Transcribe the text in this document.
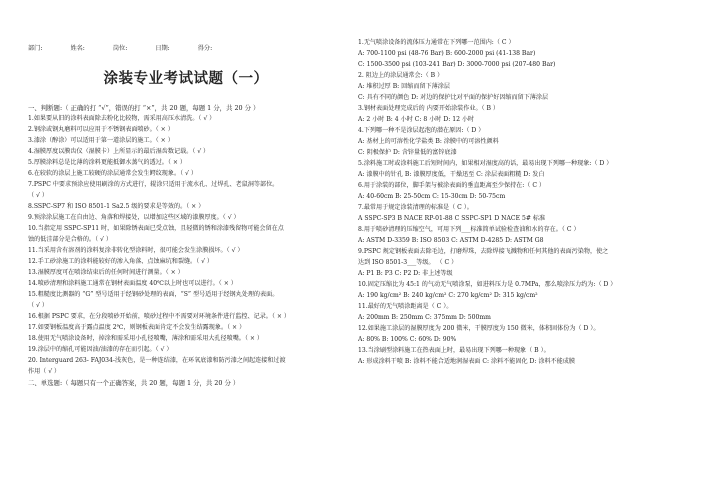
部门:	姓名:	岗位:	日期:	得分:
涂装专业考试试题（一）
一、判断题:（ 正确的打 “√”，错误的打 “×”，共 20 题，每题 1 分，共 20 分 ）
1.如果要从旧的涂料表面除去粉化比较物，需采用高压水清洗。（ √ ）
2.钢涂或钢丸磨料可以应用于不锈钢表面喷砂。（ × ）
3.漆涂（醇涂）可以适用于第一道涂层的施工。（ × ）
4.湿膜厚度以膜齿仪（湿膜卡）上所显示的最后湿齿数记载。（ √ ）
5.厚膜涂料总是比薄的涂料更能抵御水蒸气的透过。（ × ）
6.在较软的涂层上施工较硬的涂层通常会发生鳄纹现象。（ √ ）
7.PSPC 中要求预涂应使用刷涂的方式进行，辊涂只适用于流水孔、过焊孔、老鼠洞等部位。
（ √ ）
8.SSPC-SP7 和 ISO 8501-1 Sa2.5 级的要求是等效的。（ × ）
9.预涂涂层施工在自由边、角落和焊接处，以增加这些区域的漆膜厚度。（ √ ）
10.当指定用 SSPC-SP11 时，如果除锈表面已受点蚀，且轻微的锈和涂漆残留物可能会留在点
蚀的低洼部分是合格的。（ √ ）
11.当采用含有溶剂的涂料复涂非转化型涂料时，很可能会发生涂膜损坏。（ √ ）
12.手工砂涂施工的涂料能较好的渗入角落、点蚀麻坑和裂缝。（ √ ）
13.湿膜厚度可在喷涂结束后的任何时间进行测量。（ × ）
14.喷砂清理和涂料施工通常在钢材表面温度 40℃以上时也可以进行。（ × ）
15.粗糙度比测器的 “G” 型号适用于经钢砂处理的表面，“S” 型号适用于经钢丸处理的表面。
（ √ ）
16.根据 PSPC 要求，在分段喷砂开始前，喷砂过程中不需要对环境条件进行监控、记录。（ × ）
17.如要钢板温度高于露点温度 2℃，则钢板表面肯定不会发生结露现象。（ × ）
18.使用无气喷涂设备时，掉涂和需采用小孔径喷嘴，薄涂和需采用大孔径喷嘴。（ × ）
19.涂层中的缩孔可能因油/油漆的存在而引起。（ √ ）
20. Interguard 263- FAJ034-浅灰色，是一种连结漆，在环氧底漆和防污漆之间起连接和过渡
作用（ √ ）
二、单选题:（ 每题只有一个正确答案，共 20 题，每题 1 分，共 20 分 ）
1.无气喷涂设备的流体压力通常在下列哪一范围内:（ C ）
A: 700-1100 psi (48-76 Bar) B: 600-2000 psi (41-138 Bar)
C: 1500-3500 psi (103-241 Bar) D: 3000-7000 psi (207-480 Bar)
2. 阻边上的涂层通常会:（ B ）
A: 堆积过厚 B: 回缩而留下薄涂层
C: 具有不同的颜色 D: 对边的保护比对平面的保护好因缩而留下薄涂层
3.钢材表面处理完成后的 内要开始涂装作业。（ B ）
A: 2 小时 B: 4 小时 C: 8 小时 D: 12 小时
4.下列哪一种不是涂层起泡的潜在原因:（ D ）
A: 基材上的可溶性化学盐类 B: 涂膜中的可溶性颜料
C: 阴极保护 D: 含锌量低的富锌底漆
5.涂料施工时或涂料施工后短时间内，如果相对湿度高的话，最易出现下列哪一种现象:（ D ）
A: 漆膜中的针孔 B: 漆膜厚度低，干燥迅至 C: 涂层表面粗糙 D: 发白
6.用于涂装的部位，脚手架与被涂表面的垂直距离至少保持在:（ C ）
A: 40-60cm B: 25-50cm C: 15-30cm D: 50-75cm
7.最常用于规定涂装清理的标准是（ C ）。
A SSPC-SP3 B NACE RP-01-88 C SSPC-SP1 D NACE 5# 标准
8.用于喷砂清理的压缩空气，可用下列___标准简单试验检查油和水的存在。（ C ）
A: ASTM D-3359 B: ISO 8503 C: ASTM D-4285 D: ASTM G8
9.PSPC 规定钢板表面去除毛边，打磨焊珠，去除焊接飞溅物和任何其他的表面污染物，使之
达到 ISO 8501-3___等级。 （ C ）
A: P1 B: P3 C: P2 D: 非上述等级
10.固定压缩比为 45:1 的气动无气喷涂泵，如进料压力是 0.7MPa，那么喷涂压力约为:（ D ）
A: 190 kg/cm² B: 240 kg/cm² C: 270 kg/cm² D: 315 kg/cm²
11.最好的无气喷涂距离是（ C ）。
A: 200mm B: 250mm C: 375mm D: 500mm
12.如果施工涂层的湿膜厚度为 200 微米，干膜厚度为 150 微米，体积固体份为（ D ）。
A: 80% B: 100% C: 60% D: 90%
13.当涂刷型涂料施工在热表面上时，最易出现下列哪一种现象（ B ）。
A: 形成涂料干喷 B: 涂料不能合适地润湿表面 C: 涂料不能固化 D: 涂料不能成膜
